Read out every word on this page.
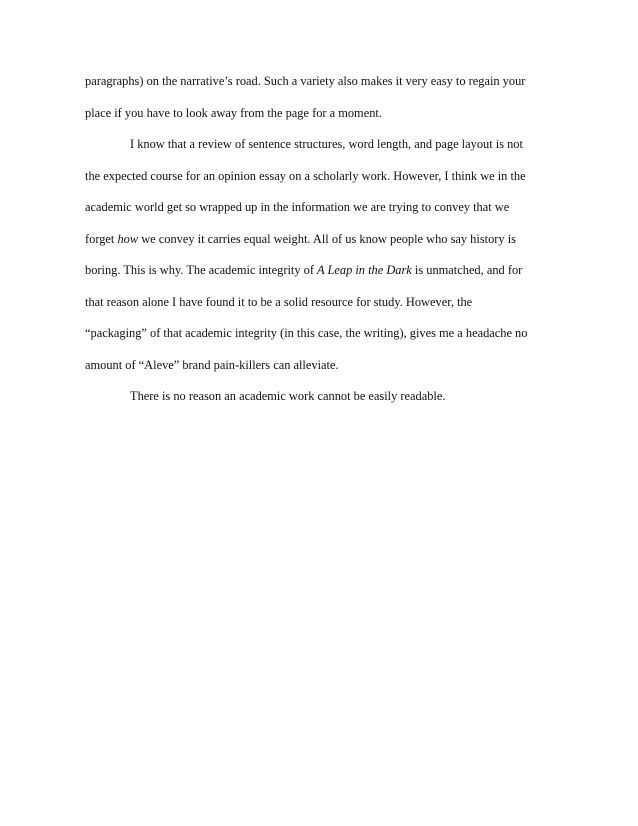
paragraphs) on the narrative’s road. Such a variety also makes it very easy to regain your
place if you have to look away from the page for a moment.
I know that a review of sentence structures, word length, and page layout is not
the expected course for an opinion essay on a scholarly work. However, I think we in the
academic world get so wrapped up in the information we are trying to convey that we
forget how we convey it carries equal weight. All of us know people who say history is
boring. This is why. The academic integrity of A Leap in the Dark is unmatched, and for
that reason alone I have found it to be a solid resource for study. However, the
“packaging” of that academic integrity (in this case, the writing), gives me a headache no
amount of “Aleve” brand pain-killers can alleviate.
There is no reason an academic work cannot be easily readable.
